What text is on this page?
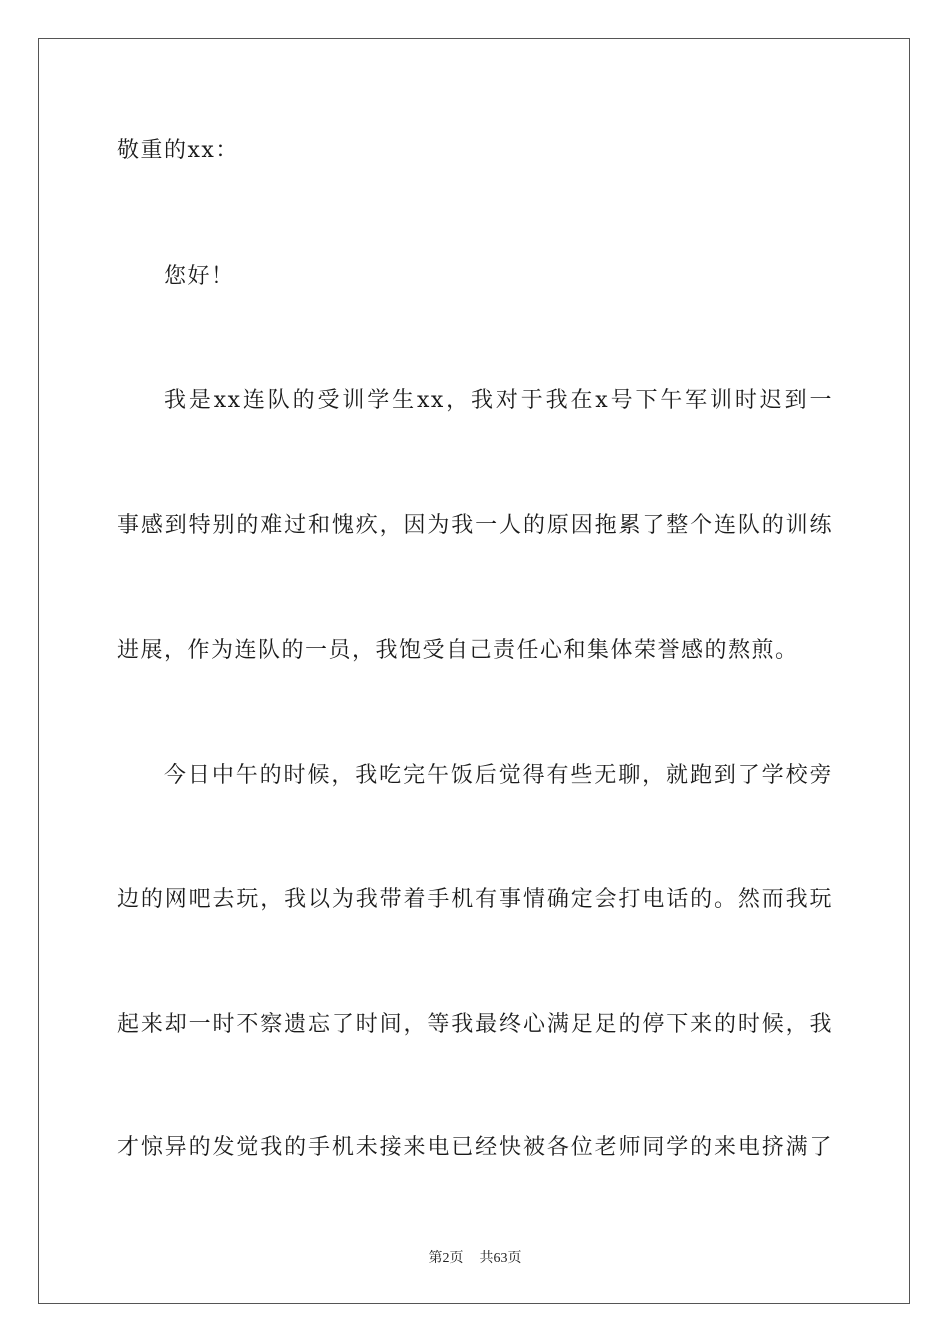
敬重的xx：
您好！
我是xx连队的受训学生xx，我对于我在x号下午军训时迟到一
事感到特别的难过和愧疚，因为我一人的原因拖累了整个连队的训练
进展，作为连队的一员，我饱受自己责任心和集体荣誉感的熬煎。
今日中午的时候，我吃完午饭后觉得有些无聊，就跑到了学校旁
边的网吧去玩，我以为我带着手机有事情确定会打电话的。然而我玩
起来却一时不察遗忘了时间，等我最终心满足足的停下来的时候，我
才惊异的发觉我的手机未接来电已经快被各位老师同学的来电挤满了
第2页 共63页
